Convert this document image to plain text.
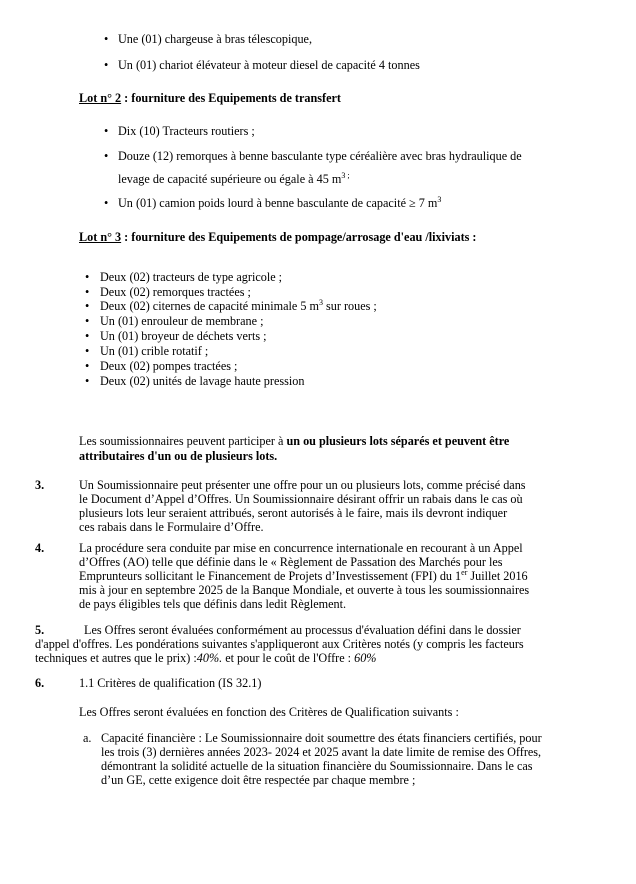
• Une (01) chargeuse à bras télescopique,
• Un (01) chariot élévateur à moteur diesel de capacité 4 tonnes
Lot n° 2 : fourniture des Equipements de transfert
• Dix (10) Tracteurs routiers ;
• Douze (12) remorques à benne basculante type céréalière avec bras hydraulique de
• Un (01) camion poids lourd à benne basculante de capacité ≥ 7 $m^3$
levage de capacité supérieure ou égale à 45 $m^3$ ;
Lot n° 3 : fourniture des Equipements de pompage/arrosage d'eau /lixiviats :
• Deux (02) tracteurs de type agricole ;
• Deux (02) remorques tractées ;
• Deux (02) citernes de capacité minimale 5 $m^3$ sur roues ;
• Un (01) enrouleur de membrane ;
• Un (01) broyeur de déchets verts ;
• Un (01) crible rotatif ;
• Deux (02) pompes tractées ;
• Deux (02) unités de lavage haute pression
Les soumissionnaires peuvent participer à un ou plusieurs lots séparés et peuvent être
attributaires d'un ou de plusieurs lots.
3.	Un Soumissionnaire peut présenter une offre pour un ou plusieurs lots, comme précisé dans
le Document d’Appel d’Offres. Un Soumissionnaire désirant offrir un rabais dans le cas où
plusieurs lots leur seraient attribués, seront autorisés à le faire, mais ils devront indiquer
ces rabais dans le Formulaire d’Offre.
4.	La procédure sera conduite par mise en concurrence internationale en recourant à un Appel
d’Offres (AO) telle que définie dans le « Règlement de Passation des Marchés pour les
Emprunteurs sollicitant le Financement de Projets d’Investissement (FPI) du 1er Juillet 2016
mis à jour en septembre 2025 de la Banque Mondiale, et ouverte à tous les soumissionnaires
de pays éligibles tels que définis dans ledit Règlement.
5.	Les Offres seront évaluées conformément au processus d'évaluation défini dans le dossier
d'appel d'offres. Les pondérations suivantes s'appliqueront aux Critères notés (y compris les facteurs
techniques et autres que le prix) :40%. et pour le coût de l'Offre : 60%
6.	1.1 Critères de qualification (IS 32.1)
Les Offres seront évaluées en fonction des Critères de Qualification suivants :
a. Capacité financière : Le Soumissionnaire doit soumettre des états financiers certifiés, pour
les trois (3) dernières années 2023- 2024 et 2025 avant la date limite de remise des Offres,
démontrant la solidité actuelle de la situation financière du Soumissionnaire. Dans le cas
d’un GE, cette exigence doit être respectée par chaque membre ;
